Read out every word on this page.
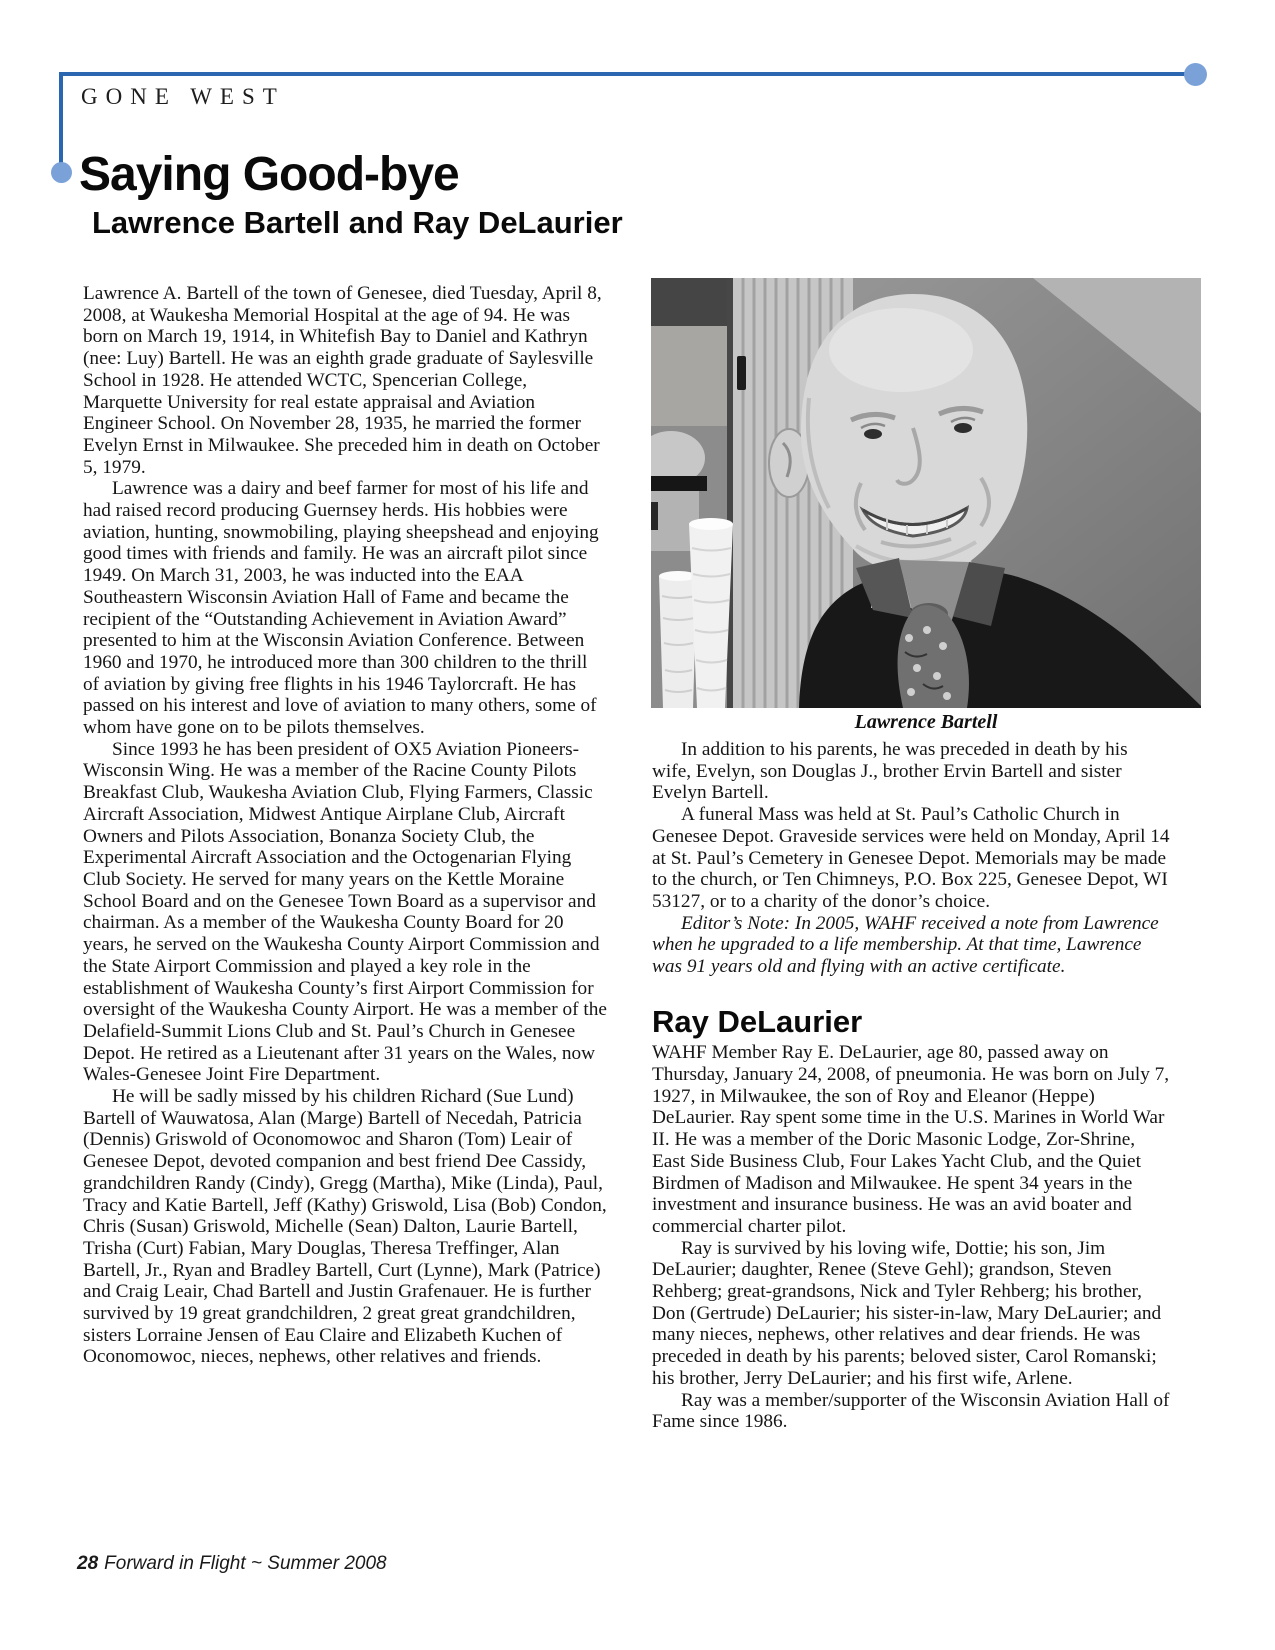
GONE WEST
Saying Good-bye
Lawrence Bartell and Ray DeLaurier

Lawrence A. Bartell of the town of Genesee, died Tuesday, April 8, 2008, at Waukesha Memorial Hospital at the age of 94. He was born on March 19, 1914, in Whitefish Bay to Daniel and Kathryn (nee: Luy) Bartell. He was an eighth grade graduate of Saylesville School in 1928. He attended WCTC, Spencerian College, Marquette University for real estate appraisal and Aviation Engineer School. On November 28, 1935, he married the former Evelyn Ernst in Milwaukee. She preceded him in death on October 5, 1979.

Lawrence was a dairy and beef farmer for most of his life and had raised record producing Guernsey herds. His hobbies were aviation, hunting, snowmobiling, playing sheepshead and enjoying good times with friends and family. He was an aircraft pilot since 1949. On March 31, 2003, he was inducted into the EAA Southeastern Wisconsin Aviation Hall of Fame and became the recipient of the “Outstanding Achievement in Aviation Award” presented to him at the Wisconsin Aviation Conference. Between 1960 and 1970, he introduced more than 300 children to the thrill of aviation by giving free flights in his 1946 Taylorcraft. He has passed on his interest and love of aviation to many others, some of whom have gone on to be pilots themselves.

Since 1993 he has been president of OX5 Aviation Pioneers-Wisconsin Wing. He was a member of the Racine County Pilots Breakfast Club, Waukesha Aviation Club, Flying Farmers, Classic Aircraft Association, Midwest Antique Airplane Club, Aircraft Owners and Pilots Association, Bonanza Society Club, the Experimental Aircraft Association and the Octogenarian Flying Club Society. He served for many years on the Kettle Moraine School Board and on the Genesee Town Board as a supervisor and chairman. As a member of the Waukesha County Board for 20 years, he served on the Waukesha County Airport Commission and the State Airport Commission and played a key role in the establishment of Waukesha County’s first Airport Commission for oversight of the Waukesha County Airport. He was a member of the Delafield-Summit Lions Club and St. Paul’s Church in Genesee Depot. He retired as a Lieutenant after 31 years on the Wales, now Wales-Genesee Joint Fire Department.

He will be sadly missed by his children Richard (Sue Lund) Bartell of Wauwatosa, Alan (Marge) Bartell of Necedah, Patricia (Dennis) Griswold of Oconomowoc and Sharon (Tom) Leair of Genesee Depot, devoted companion and best friend Dee Cassidy, grandchildren Randy (Cindy), Gregg (Martha), Mike (Linda), Paul, Tracy and Katie Bartell, Jeff (Kathy) Griswold, Lisa (Bob) Condon, Chris (Susan) Griswold, Michelle (Sean) Dalton, Laurie Bartell, Trisha (Curt) Fabian, Mary Douglas, Theresa Treffinger, Alan Bartell, Jr., Ryan and Bradley Bartell, Curt (Lynne), Mark (Patrice) and Craig Leair, Chad Bartell and Justin Grafenauer. He is further survived by 19 great grandchildren, 2 great great grandchildren, sisters Lorraine Jensen of Eau Claire and Elizabeth Kuchen of Oconomowoc, nieces, nephews, other relatives and friends.

Lawrence Bartell

In addition to his parents, he was preceded in death by his wife, Evelyn, son Douglas J., brother Ervin Bartell and sister Evelyn Bartell.

A funeral Mass was held at St. Paul’s Catholic Church in Genesee Depot. Graveside services were held on Monday, April 14 at St. Paul’s Cemetery in Genesee Depot. Memorials may be made to the church, or Ten Chimneys, P.O. Box 225, Genesee Depot, WI 53127, or to a charity of the donor’s choice.

Editor’s Note: In 2005, WAHF received a note from Lawrence when he upgraded to a life membership. At that time, Lawrence was 91 years old and flying with an active certificate.

Ray DeLaurier

WAHF Member Ray E. DeLaurier, age 80, passed away on Thursday, January 24, 2008, of pneumonia. He was born on July 7, 1927, in Milwaukee, the son of Roy and Eleanor (Heppe) DeLaurier. Ray spent some time in the U.S. Marines in World War II. He was a member of the Doric Masonic Lodge, Zor-Shrine, East Side Business Club, Four Lakes Yacht Club, and the Quiet Birdmen of Madison and Milwaukee. He spent 34 years in the investment and insurance business. He was an avid boater and commercial charter pilot.

Ray is survived by his loving wife, Dottie; his son, Jim DeLaurier; daughter, Renee (Steve Gehl); grandson, Steven Rehberg; great-grandsons, Nick and Tyler Rehberg; his brother, Don (Gertrude) DeLaurier; his sister-in-law, Mary DeLaurier; and many nieces, nephews, other relatives and dear friends. He was preceded in death by his parents; beloved sister, Carol Romanski; his brother, Jerry DeLaurier; and his first wife, Arlene.

Ray was a member/supporter of the Wisconsin Aviation Hall of Fame since 1986.

28 Forward in Flight ~ Summer 2008
